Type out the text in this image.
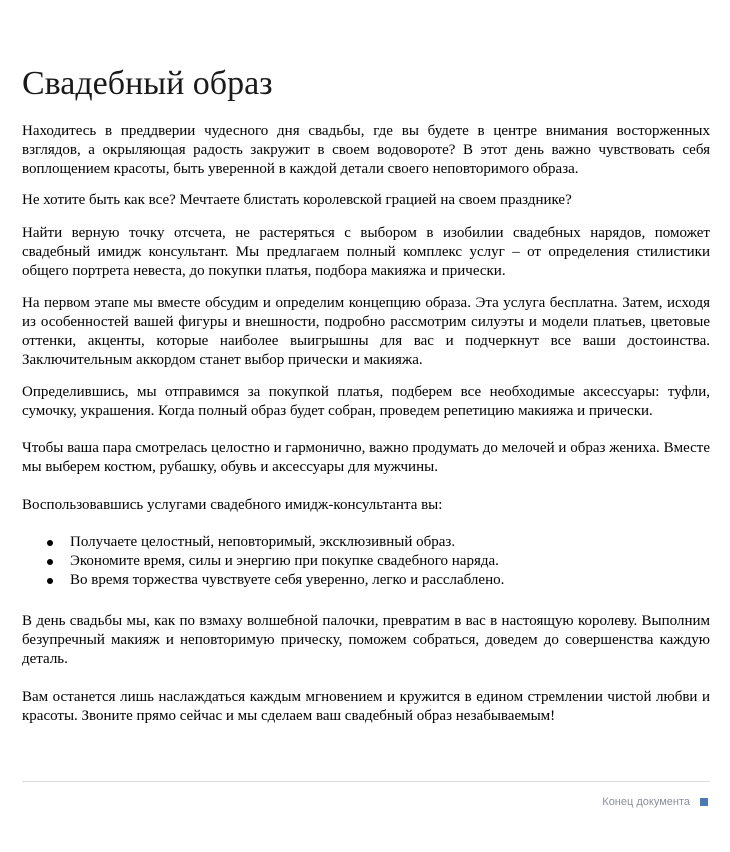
Свадебный образ

Находитесь в преддверии чудесного дня свадьбы, где вы будете в центре внимания восторженных взглядов, а окрыляющая радость закружит в своем водовороте? В этот день важно чувствовать себя воплощением красоты, быть уверенной в каждой детали своего неповторимого образа.

Не хотите быть как все? Мечтаете блистать королевской грацией на своем празднике?

Найти верную точку отсчета, не растеряться с выбором в изобилии свадебных нарядов, поможет свадебный имидж консультант. Мы предлагаем полный комплекс услуг – от определения стилистики общего портрета невеста, до покупки платья, подбора макияжа и прически.

На первом этапе мы вместе обсудим и определим концепцию образа. Эта услуга бесплатна. Затем, исходя из особенностей вашей фигуры и внешности, подробно рассмотрим силуэты и модели платьев, цветовые оттенки, акценты, которые наиболее выигрышны для вас и подчеркнут все ваши достоинства. Заключительным аккордом станет выбор прически и макияжа.

Определившись, мы отправимся за покупкой платья, подберем все необходимые аксессуары: туфли, сумочку, украшения. Когда полный образ будет собран, проведем репетицию макияжа и прически.

Чтобы ваша пара смотрелась целостно и гармонично, важно продумать до мелочей и образ жениха. Вместе мы выберем костюм, рубашку, обувь и аксессуары для мужчины.

Воспользовавшись услугами свадебного имидж-консультанта вы:

Получаете целостный, неповторимый, эксклюзивный образ.
Экономите время, силы и энергию при покупке свадебного наряда.
Во время торжества чувствуете себя уверенно, легко и расслаблено.

В день свадьбы мы, как по взмаху волшебной палочки, превратим в вас в настоящую королеву. Выполним безупречный макияж и неповторимую прическу, поможем собраться, доведем до совершенства каждую деталь.

Вам останется лишь наслаждаться каждым мгновением и кружится в едином стремлении чистой любви и красоты. Звоните прямо сейчас и мы сделаем ваш свадебный образ незабываемым!

Конец документа
